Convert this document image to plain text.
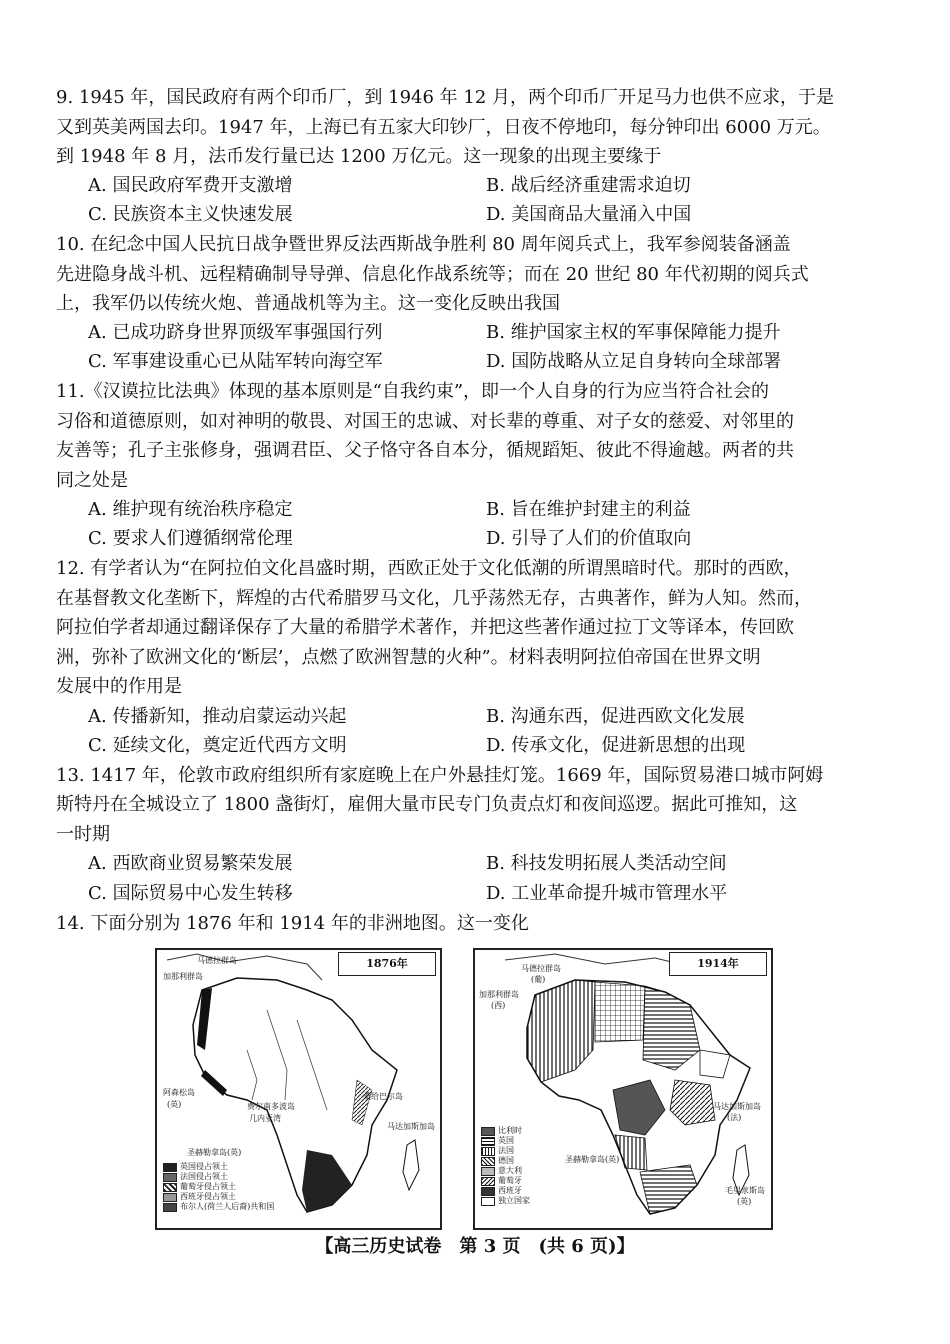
9. 1945 年，国民政府有两个印币厂，到 1946 年 12 月，两个印币厂开足马力也供不应求，于是
又到英美两国去印。1947 年，上海已有五家大印钞厂，日夜不停地印，每分钟印出 6000 万元。
到 1948 年 8 月，法币发行量已达 1200 万亿元。这一现象的出现主要缘于
A. 国民政府军费开支激增	B. 战后经济重建需求迫切
C. 民族资本主义快速发展	D. 美国商品大量涌入中国
10. 在纪念中国人民抗日战争暨世界反法西斯战争胜利 80 周年阅兵式上，我军参阅装备涵盖
先进隐身战斗机、远程精确制导导弹、信息化作战系统等；而在 20 世纪 80 年代初期的阅兵式
上，我军仍以传统火炮、普通战机等为主。这一变化反映出我国
A. 已成功跻身世界顶级军事强国行列	B. 维护国家主权的军事保障能力提升
C. 军事建设重心已从陆军转向海空军	D. 国防战略从立足自身转向全球部署
11.《汉谟拉比法典》体现的基本原则是“自我约束”，即一个人自身的行为应当符合社会的
习俗和道德原则，如对神明的敬畏、对国王的忠诚、对长辈的尊重、对子女的慈爱、对邻里的
友善等；孔子主张修身，强调君臣、父子恪守各自本分，循规蹈矩、彼此不得逾越。两者的共
同之处是
A. 维护现有统治秩序稳定	B. 旨在维护封建主的利益
C. 要求人们遵循纲常伦理	D. 引导了人们的价值取向
12. 有学者认为“在阿拉伯文化昌盛时期，西欧正处于文化低潮的所谓黑暗时代。那时的西欧，
在基督教文化垄断下，辉煌的古代希腊罗马文化，几乎荡然无存，古典著作，鲜为人知。然而，
阿拉伯学者却通过翻译保存了大量的希腊学术著作，并把这些著作通过拉丁文等译本，传回欧
洲，弥补了欧洲文化的‘断层’，点燃了欧洲智慧的火种”。材料表明阿拉伯帝国在世界文明
发展中的作用是
A. 传播新知，推动启蒙运动兴起	B. 沟通东西，促进西欧文化发展
C. 延续文化，奠定近代西方文明	D. 传承文化，促进新思想的出现
13. 1417 年，伦敦市政府组织所有家庭晚上在户外悬挂灯笼。1669 年，国际贸易港口城市阿姆
斯特丹在全城设立了 1800 盏街灯，雇佣大量市民专门负责点灯和夜间巡逻。据此可推知，这
一时期
A. 西欧商业贸易繁荣发展	B. 科技发明拓展人类活动空间
C. 国际贸易中心发生转移	D. 工业革命提升城市管理水平
14. 下面分别为 1876 年和 1914 年的非洲地图。这一变化
1876年
马德拉群岛
加那利群岛
费尔南多波岛
几内亚湾
阿森松岛
(英)
圣赫勒拿岛(英)
桑给巴尔岛
马达加斯加岛
英国侵占领土
法国侵占领土
葡萄牙侵占领土
西班牙侵占领土
布尔人(荷兰人后裔)共和国
1914年
马德拉群岛
(葡)
加那利群岛
(西)
马达加斯加岛
(法)
圣赫勒拿岛(英)
毛里求斯岛
(英)
比利时
英国
法国
德国
意大利
葡萄牙
西班牙
独立国家
【高三历史试卷　第 3 页　(共 6 页)】
